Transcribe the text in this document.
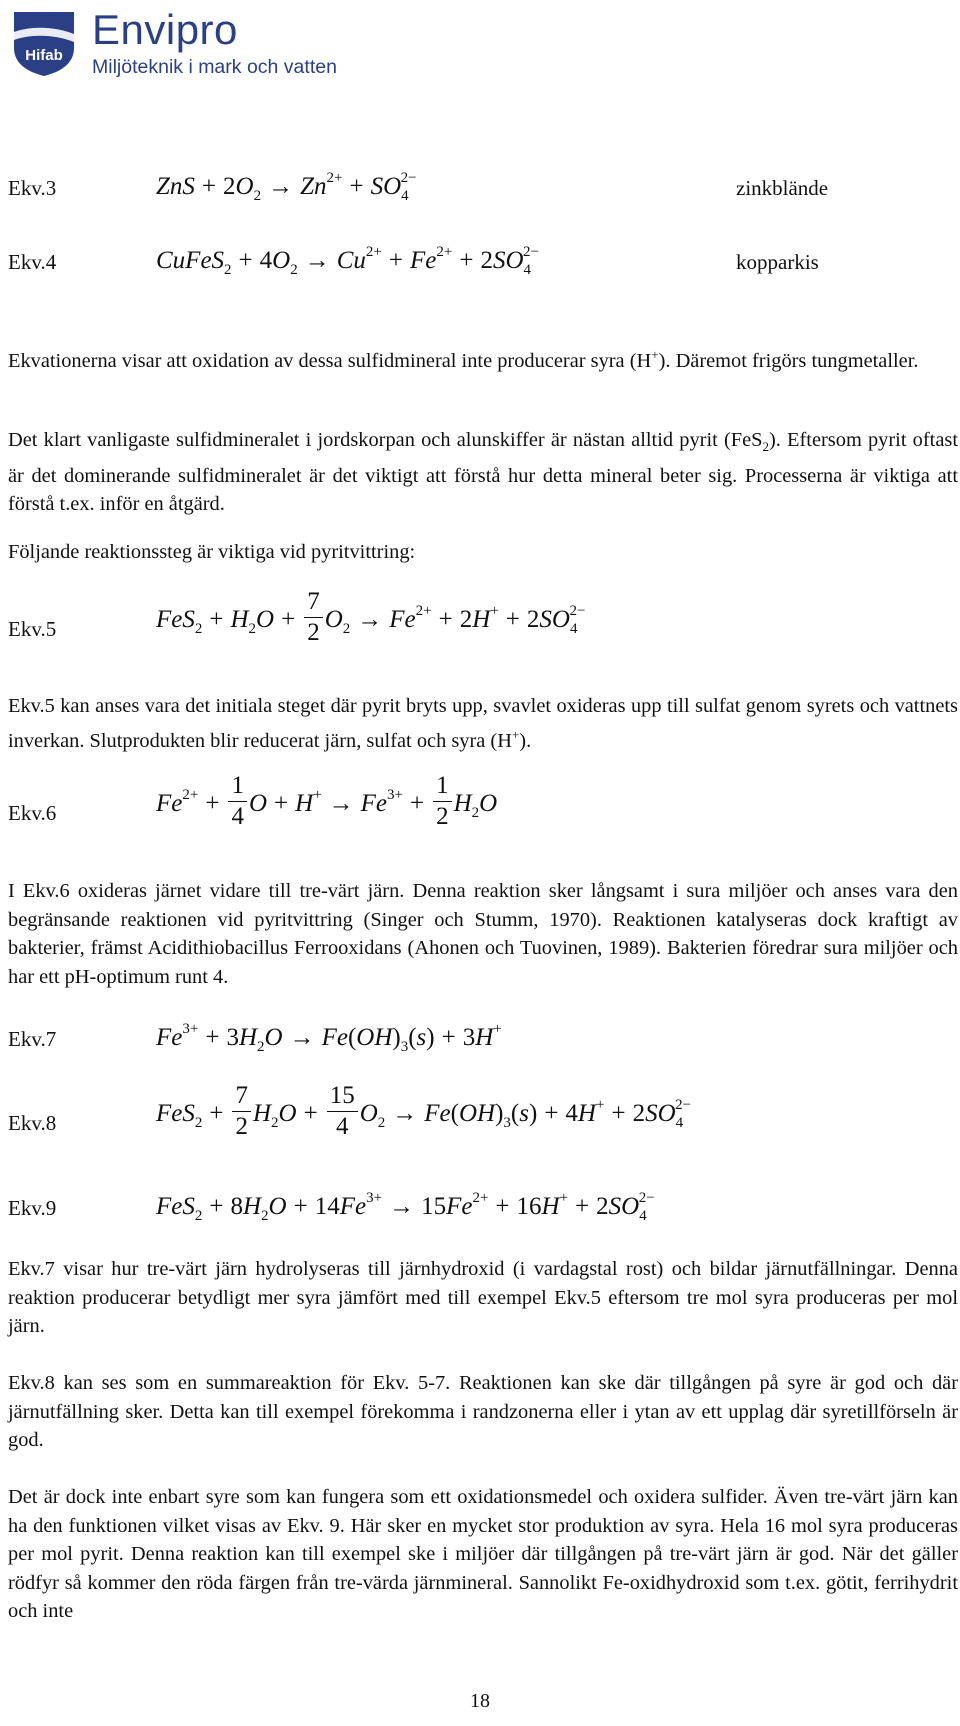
Hifab
Envipro
Miljöteknik i mark och vatten
Ekv.3	ZnS + $2O_2 \to Zn^{2+} + SO_4^{2-}$	zinkblände
Ekv.4	CuFeS$_2$ + $4O_2 \to Cu^{2+} + Fe^{2+} + 2SO_4^{2-}$	kopparkis

Ekvationerna visar att oxidation av dessa sulfidmineral inte producerar syra (H+). Däremot frigörs tungmetaller.

Det klart vanligaste sulfidmineralet i jordskorpan och alunskiffer är nästan alltid pyrit (FeS$_2$). Eftersom pyrit oftast är det dominerande sulfidmineralet är det viktigt att förstå hur detta mineral beter sig. Processerna är viktiga att förstå t.ex. inför en åtgärd.

Följande reaktionssteg är viktiga vid pyritvittring:

Ekv.5	$FeS_2 + H_2O + \frac{7}{2} O_2 \to Fe^{2+} + 2H^+ + 2SO_4^{2-}$

Ekv.5 kan anses vara det initiala steget där pyrit bryts upp, svavlet oxideras upp till sulfat genom syrets och vattnets inverkan. Slutprodukten blir reducerat järn, sulfat och syra (H+).

Ekv.6	$Fe^{2+} + \frac{1}{4}$ $O + H^+ \to Fe^{3+} + \frac{1}{2} H_2O$

I Ekv.6 oxideras järnet vidare till tre-värt järn. Denna reaktion sker långsamt i sura miljöer och anses vara den begränsande reaktionen vid pyritvittring (Singer och Stumm, 1970). Reaktionen katalyseras dock kraftigt av bakterier, främst Acidithiobacillus Ferrooxidans (Ahonen och Tuovinen, 1989). Bakterien föredrar sura miljöer och har ett pH-optimum runt 4.

Ekv.7	$Fe^{3+} + 3H_2O \to Fe(OH)_3(s) + 3H^+$
Ekv.8	$FeS_2 + \frac{7}{2} H_2O + \frac{15}{4} O_2 \to Fe(OH)_3(s) + 4H^+ + 2SO_4^{2-}$
Ekv.9	$FeS_2 + 8H_2O + 14Fe^{3+} \to 15Fe^{2+} + 16H^+ + 2SO_4^{2-}$

Ekv.7 visar hur tre-värt järn hydrolyseras till järnhydroxid (i vardagstal rost) och bildar järnutfällningar. Denna reaktion producerar betydligt mer syra jämfört med till exempel Ekv.5 eftersom tre mol syra produceras per mol järn.

Ekv.8 kan ses som en summareaktion för Ekv. 5-7. Reaktionen kan ske där tillgången på syre är god och där järnutfällning sker. Detta kan till exempel förekomma i randzonerna eller i ytan av ett upplag där syretillförseln är god.

Det är dock inte enbart syre som kan fungera som ett oxidationsmedel och oxidera sulfider. Även tre-värt järn kan ha den funktionen vilket visas av Ekv. 9. Här sker en mycket stor produktion av syra. Hela 16 mol syra produceras per mol pyrit. Denna reaktion kan till exempel ske i miljöer där tillgången på tre-värt järn är god. När det gäller rödfyr så kommer den röda färgen från tre-värda järnmineral. Sannolikt Fe-oxidhydroxid som t.ex. götit, ferrihydrit och inte

18
